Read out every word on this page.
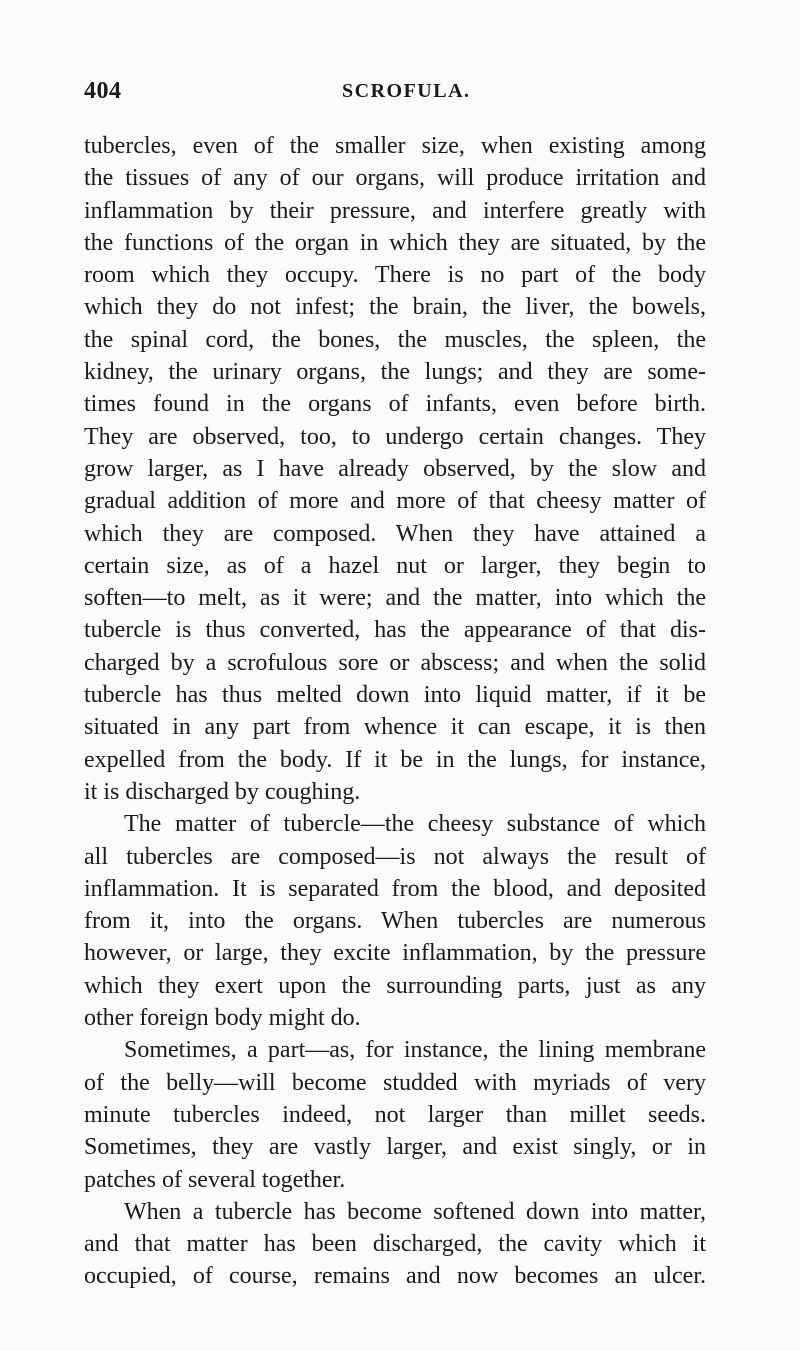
404	SCROFULA.
tubercles, even of the smaller size, when existing among
the tissues of any of our organs, will produce irritation and
inflammation by their pressure, and interfere greatly with
the functions of the organ in which they are situated, by the
room which they occupy. There is no part of the body
which they do not infest; the brain, the liver, the bowels,
the spinal cord, the bones, the muscles, the spleen, the
kidney, the urinary organs, the lungs; and they are some-
times found in the organs of infants, even before birth.
They are observed, too, to undergo certain changes. They
grow larger, as I have already observed, by the slow and
gradual addition of more and more of that cheesy matter of
which they are composed. When they have attained a
certain size, as of a hazel nut or larger, they begin to
soften—to melt, as it were; and the matter, into which the
tubercle is thus converted, has the appearance of that dis-
charged by a scrofulous sore or abscess; and when the solid
tubercle has thus melted down into liquid matter, if it be
situated in any part from whence it can escape, it is then
expelled from the body. If it be in the lungs, for instance,
it is discharged by coughing.
The matter of tubercle—the cheesy substance of which
all tubercles are composed—is not always the result of
inflammation. It is separated from the blood, and deposited
from it, into the organs. When tubercles are numerous
however, or large, they excite inflammation, by the pressure
which they exert upon the surrounding parts, just as any
other foreign body might do.
Sometimes, a part—as, for instance, the lining membrane
of the belly—will become studded with myriads of very
minute tubercles indeed, not larger than millet seeds.
Sometimes, they are vastly larger, and exist singly, or in
patches of several together.
When a tubercle has become softened down into matter,
and that matter has been discharged, the cavity which it
occupied, of course, remains and now becomes an ulcer.
